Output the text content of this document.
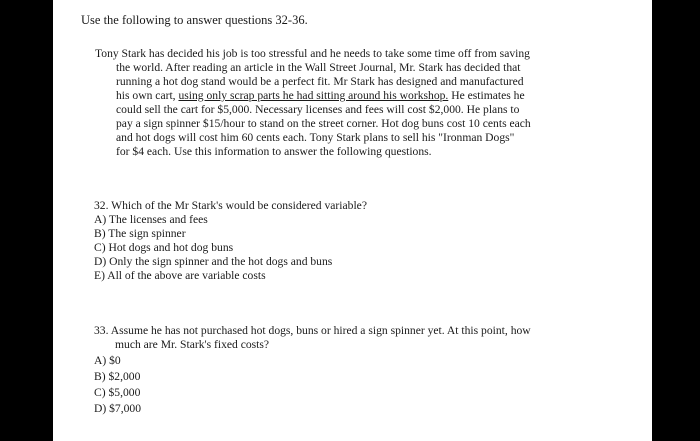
Use the following to answer questions 32-36.
Tony Stark has decided his job is too stressful and he needs to take some time off from saving
the world. After reading an article in the Wall Street Journal, Mr. Stark has decided that
running a hot dog stand would be a perfect fit. Mr Stark has designed and manufactured
his own cart, using only scrap parts he had sitting around his workshop. He estimates he
could sell the cart for $5,000. Necessary licenses and fees will cost $2,000. He plans to
pay a sign spinner $15/hour to stand on the street corner. Hot dog buns cost 10 cents each
and hot dogs will cost him 60 cents each. Tony Stark plans to sell his "Ironman Dogs"
for $4 each. Use this information to answer the following questions.
32. Which of the Mr Stark's would be considered variable?
A) The licenses and fees
B) The sign spinner
C) Hot dogs and hot dog buns
D) Only the sign spinner and the hot dogs and buns
E) All of the above are variable costs
33. Assume he has not purchased hot dogs, buns or hired a sign spinner yet. At this point, how
much are Mr. Stark's fixed costs?
A) $0
B) $2,000
C) $5,000
D) $7,000
